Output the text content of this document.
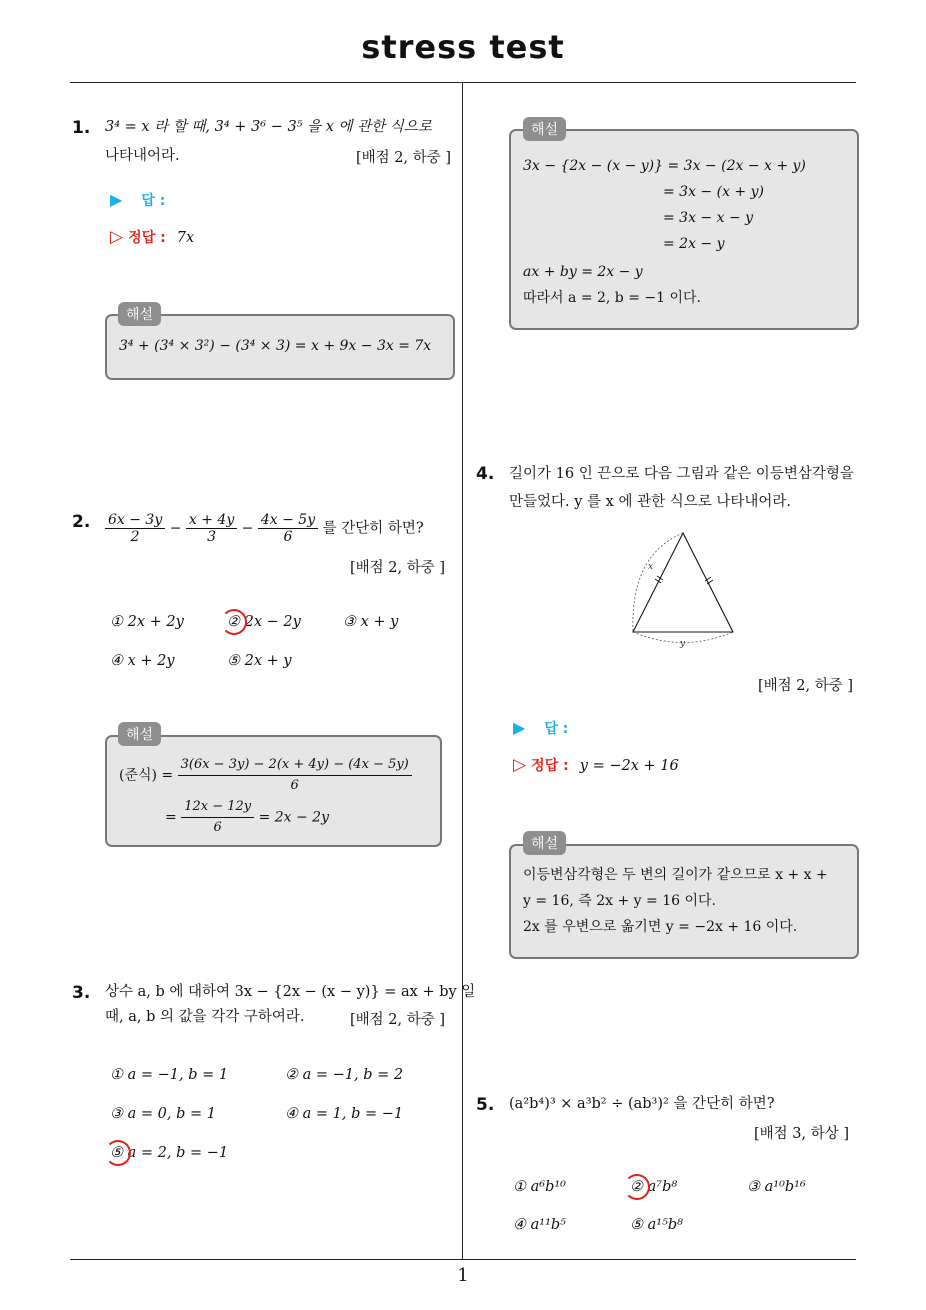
stress test
1
1. 3⁴ = x 라 할 때, 3⁴ + 3⁶ − 3⁵ 을 x 에 관한 식으로
나타내어라.	[배점 2, 하중 ]
▶ 답 :
▷ 정답 : 7x
3⁴ + (3⁴ × 3²) − (3⁴ × 3) = x + 9x − 3x = 7x
해설
2. $\frac{6x - 3y}{2} - \frac{x + 4y}{3} - \frac{4x - 5y}{6}$ 를 간단히 하면?
[배점 2, 하중 ]
① 2x + 2y	② 2x − 2y	③ x + y
④ x + 2y	⑤ 2x + y
(준식) = $\frac{3(6x - 3y) - 2(x + 4y) - (4x - 5y)}{6}$
= $\frac{12x - 12y}{6} = 2x - 2y$
해설
3. 상수 a, b 에 대하여 3x − {2x − (x − y)} = ax + by 일
때, a, b 의 값을 각각 구하여라.	[배점 2, 하중 ]
① a = −1, b = 1	② a = −1, b = 2
③ a = 0, b = 1	④ a = 1, b = −1
⑤ a = 2, b = −1
3x − {2x − (x − y)} = 3x − (2x − x + y)
= 3x − (x + y)
= 3x − x − y
= 2x − y
ax + by = 2x − y
따라서 a = 2, b = −1 이다.
해설
4. 길이가 16 인 끈으로 다음 그림과 같은 이등변삼각형을
만들었다. y 를 x 에 관한 식으로 나타내어라.
x
y
[배점 2, 하중 ]
▶ 답 :
▷ 정답 : y = −2x + 16
이등변삼각형은 두 변의 길이가 같으므로 x + x +
y = 16, 즉 2x + y = 16 이다.
2x 를 우변으로 옮기면 y = −2x + 16 이다.
해설
5. (a²b⁴)³ × a³b² ÷ (ab³)² 을 간단히 하면?
[배점 3, 하상 ]
① a⁶b¹⁰	② a⁷b⁸	③ a¹⁰b¹⁶
④ a¹¹b⁵	⑤ a¹⁵b⁸
